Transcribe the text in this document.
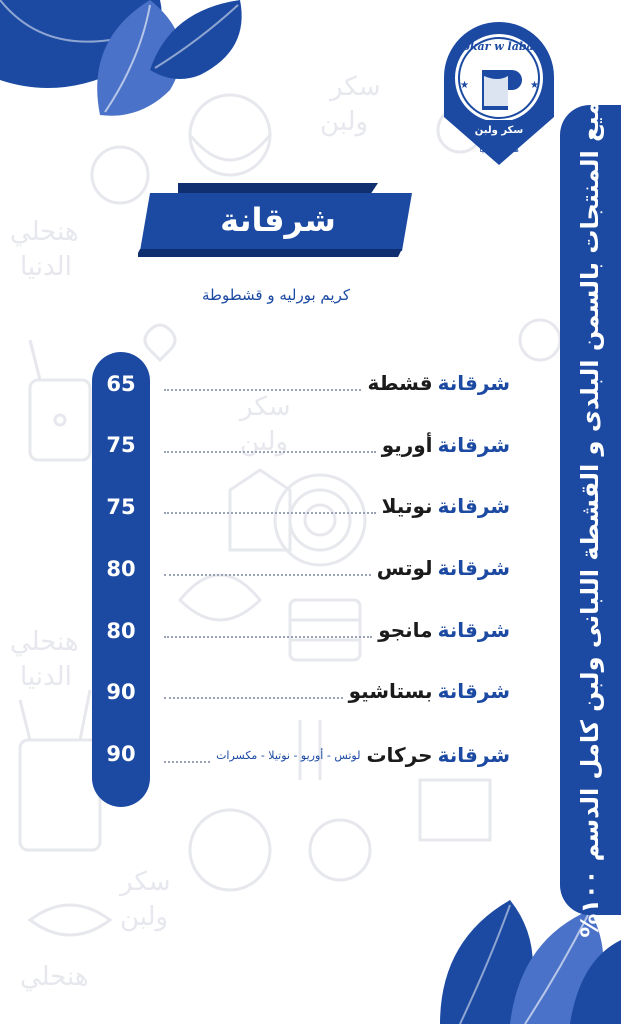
سكر
ولبن
سكر
ولبن
سكر
ولبن
هنحلي
الدنيا
هنحلي
الدنيا
هنحلي
sokar w laban
★	★
سكر ولبن
هنحلي الدنيا
جميع المنتجات بالسمن البلدى و القشطة اللبانى ولبن كامل الدسم ١٠٠%
شرقانة
كريم بورليه و قشطوطة
65
75
75
80
80
90
90
شرقانة

قشطة
شرقانة

أوريو
شرقانة

نوتيلا
شرقانة

لوتس
شرقانة

مانجو
شرقانة

بستاشيو
شرقانة

حركات
لوتس - أوريو - نوتيلا - مكسرات
